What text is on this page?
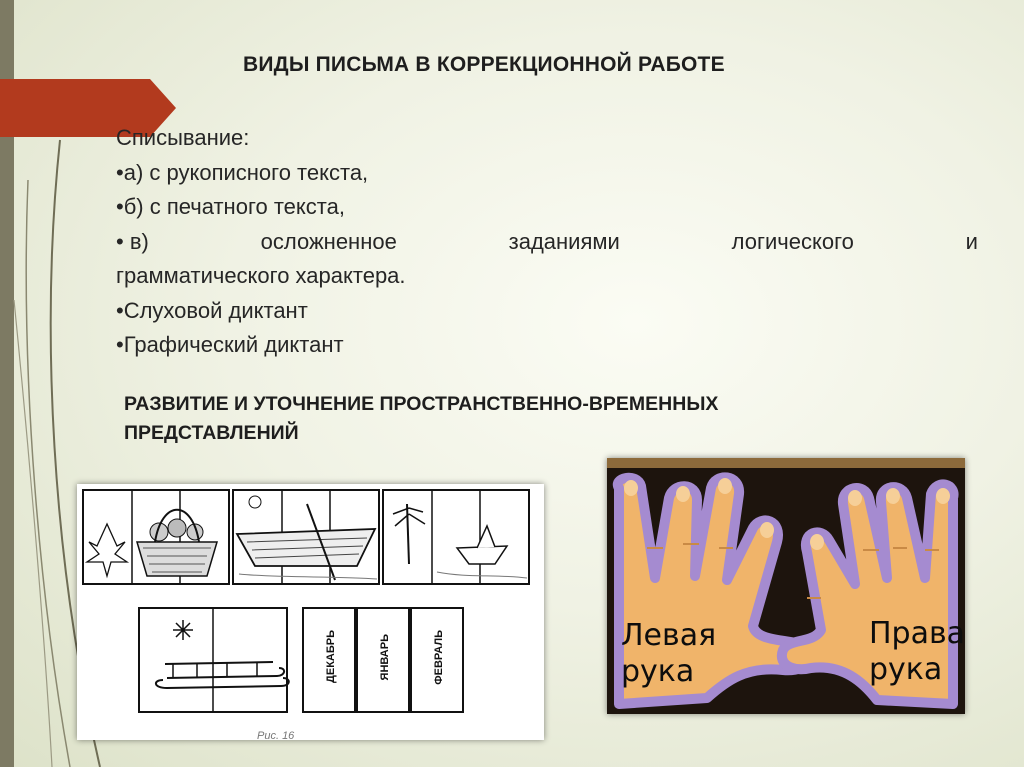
ВИДЫ ПИСЬМА В КОРРЕКЦИОННОЙ РАБОТЕ
Списывание:
•а) с рукописного текста,
•б) с печатного текста,
• в)	осложненное	заданиями	логического	и
грамматического характера.
•Слуховой диктант
•Графический диктант
РАЗВИТИЕ И УТОЧНЕНИЕ ПРОСТРАНСТВЕННО-ВРЕМЕННЫХ
ПРЕДСТАВЛЕНИЙ
ДЕКАБРЬ	ЯНВАРЬ	ФЕВРАЛЬ
Рис. 16
Левая
рука
Права
рука
